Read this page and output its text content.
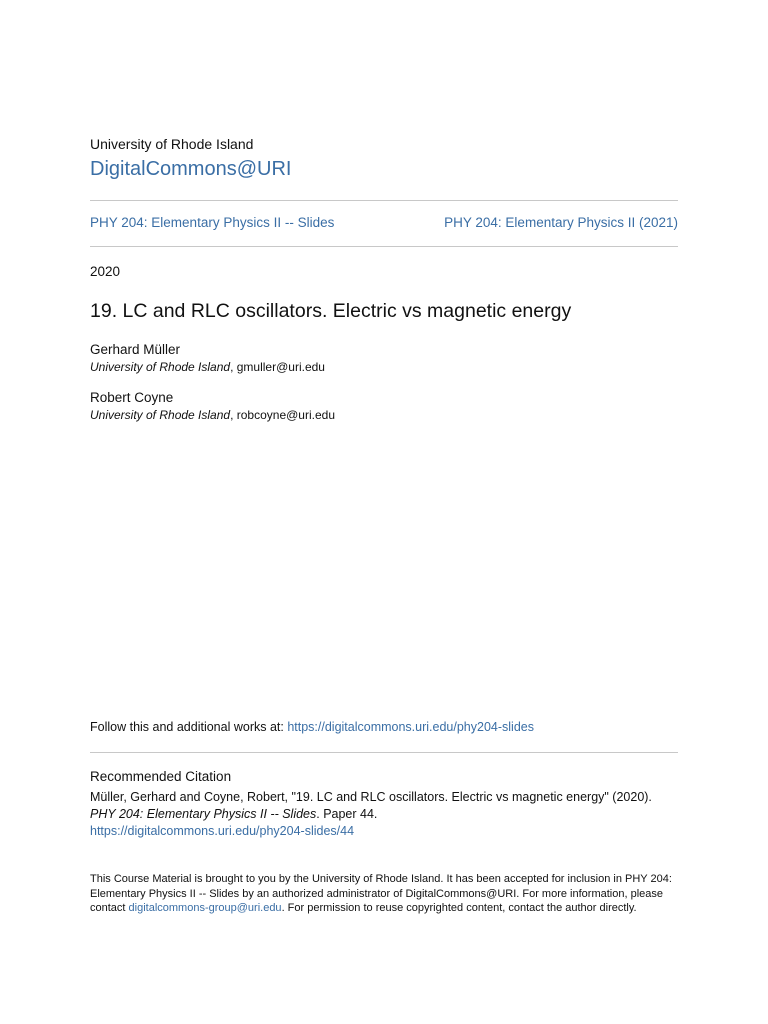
University of Rhode Island
DigitalCommons@URI
PHY 204: Elementary Physics II -- Slides	PHY 204: Elementary Physics II (2021)
2020
19. LC and RLC oscillators. Electric vs magnetic energy
Gerhard Müller
University of Rhode Island, gmuller@uri.edu
Robert Coyne
University of Rhode Island, robcoyne@uri.edu
Follow this and additional works at: https://digitalcommons.uri.edu/phy204-slides
Recommended Citation
Müller, Gerhard and Coyne, Robert, "19. LC and RLC oscillators. Electric vs magnetic energy" (2020). PHY 204: Elementary Physics II -- Slides. Paper 44.
https://digitalcommons.uri.edu/phy204-slides/44
This Course Material is brought to you by the University of Rhode Island. It has been accepted for inclusion in PHY 204: Elementary Physics II -- Slides by an authorized administrator of DigitalCommons@URI. For more information, please contact digitalcommons-group@uri.edu. For permission to reuse copyrighted content, contact the author directly.
